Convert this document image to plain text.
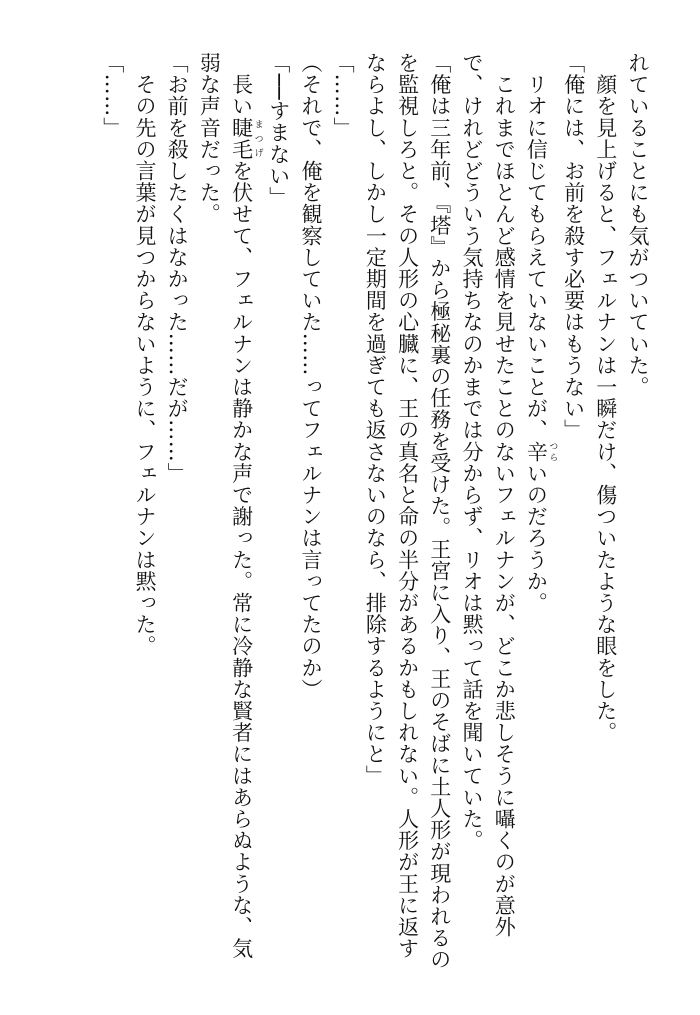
れていることにも気がついていた。

　顔を見上げると、フェルナンは一瞬だけ、傷ついたような眼をした。

「俺には、お前を殺す必要はもうない」

　リオに信じてもらえていないことが、辛 つらいのだろうか。

　これまでほとんど感情を見せたことのないフェルナンが、どこか悲しそうに囁くのが意外

で、けれどどういう気持ちなのかまでは分からず、リオは黙って話を聞いていた。

「俺は三年前、『塔』から極秘裏の任務を受けた。王宮に入り、王のそばに土人形が現われるの

を監視しろと。その人形の心臓に、王の真名と命の半分があるかもしれない。人形が王に返す

ならよし、しかし一定期間を過ぎても返さないのなら、排除するようにと」

「……」

（それで、俺を観察していた……ってフェルナンは言ってたのか）

「──すまない」

　長い睫毛 まつげを伏せて、フェルナンは静かな声で謝った。常に冷静な賢者にはあらぬような、気

弱な声音だった。

「お前を殺したくはなかった……だが……」

　その先の言葉が見つからないように、フェルナンは黙った。

「……」
